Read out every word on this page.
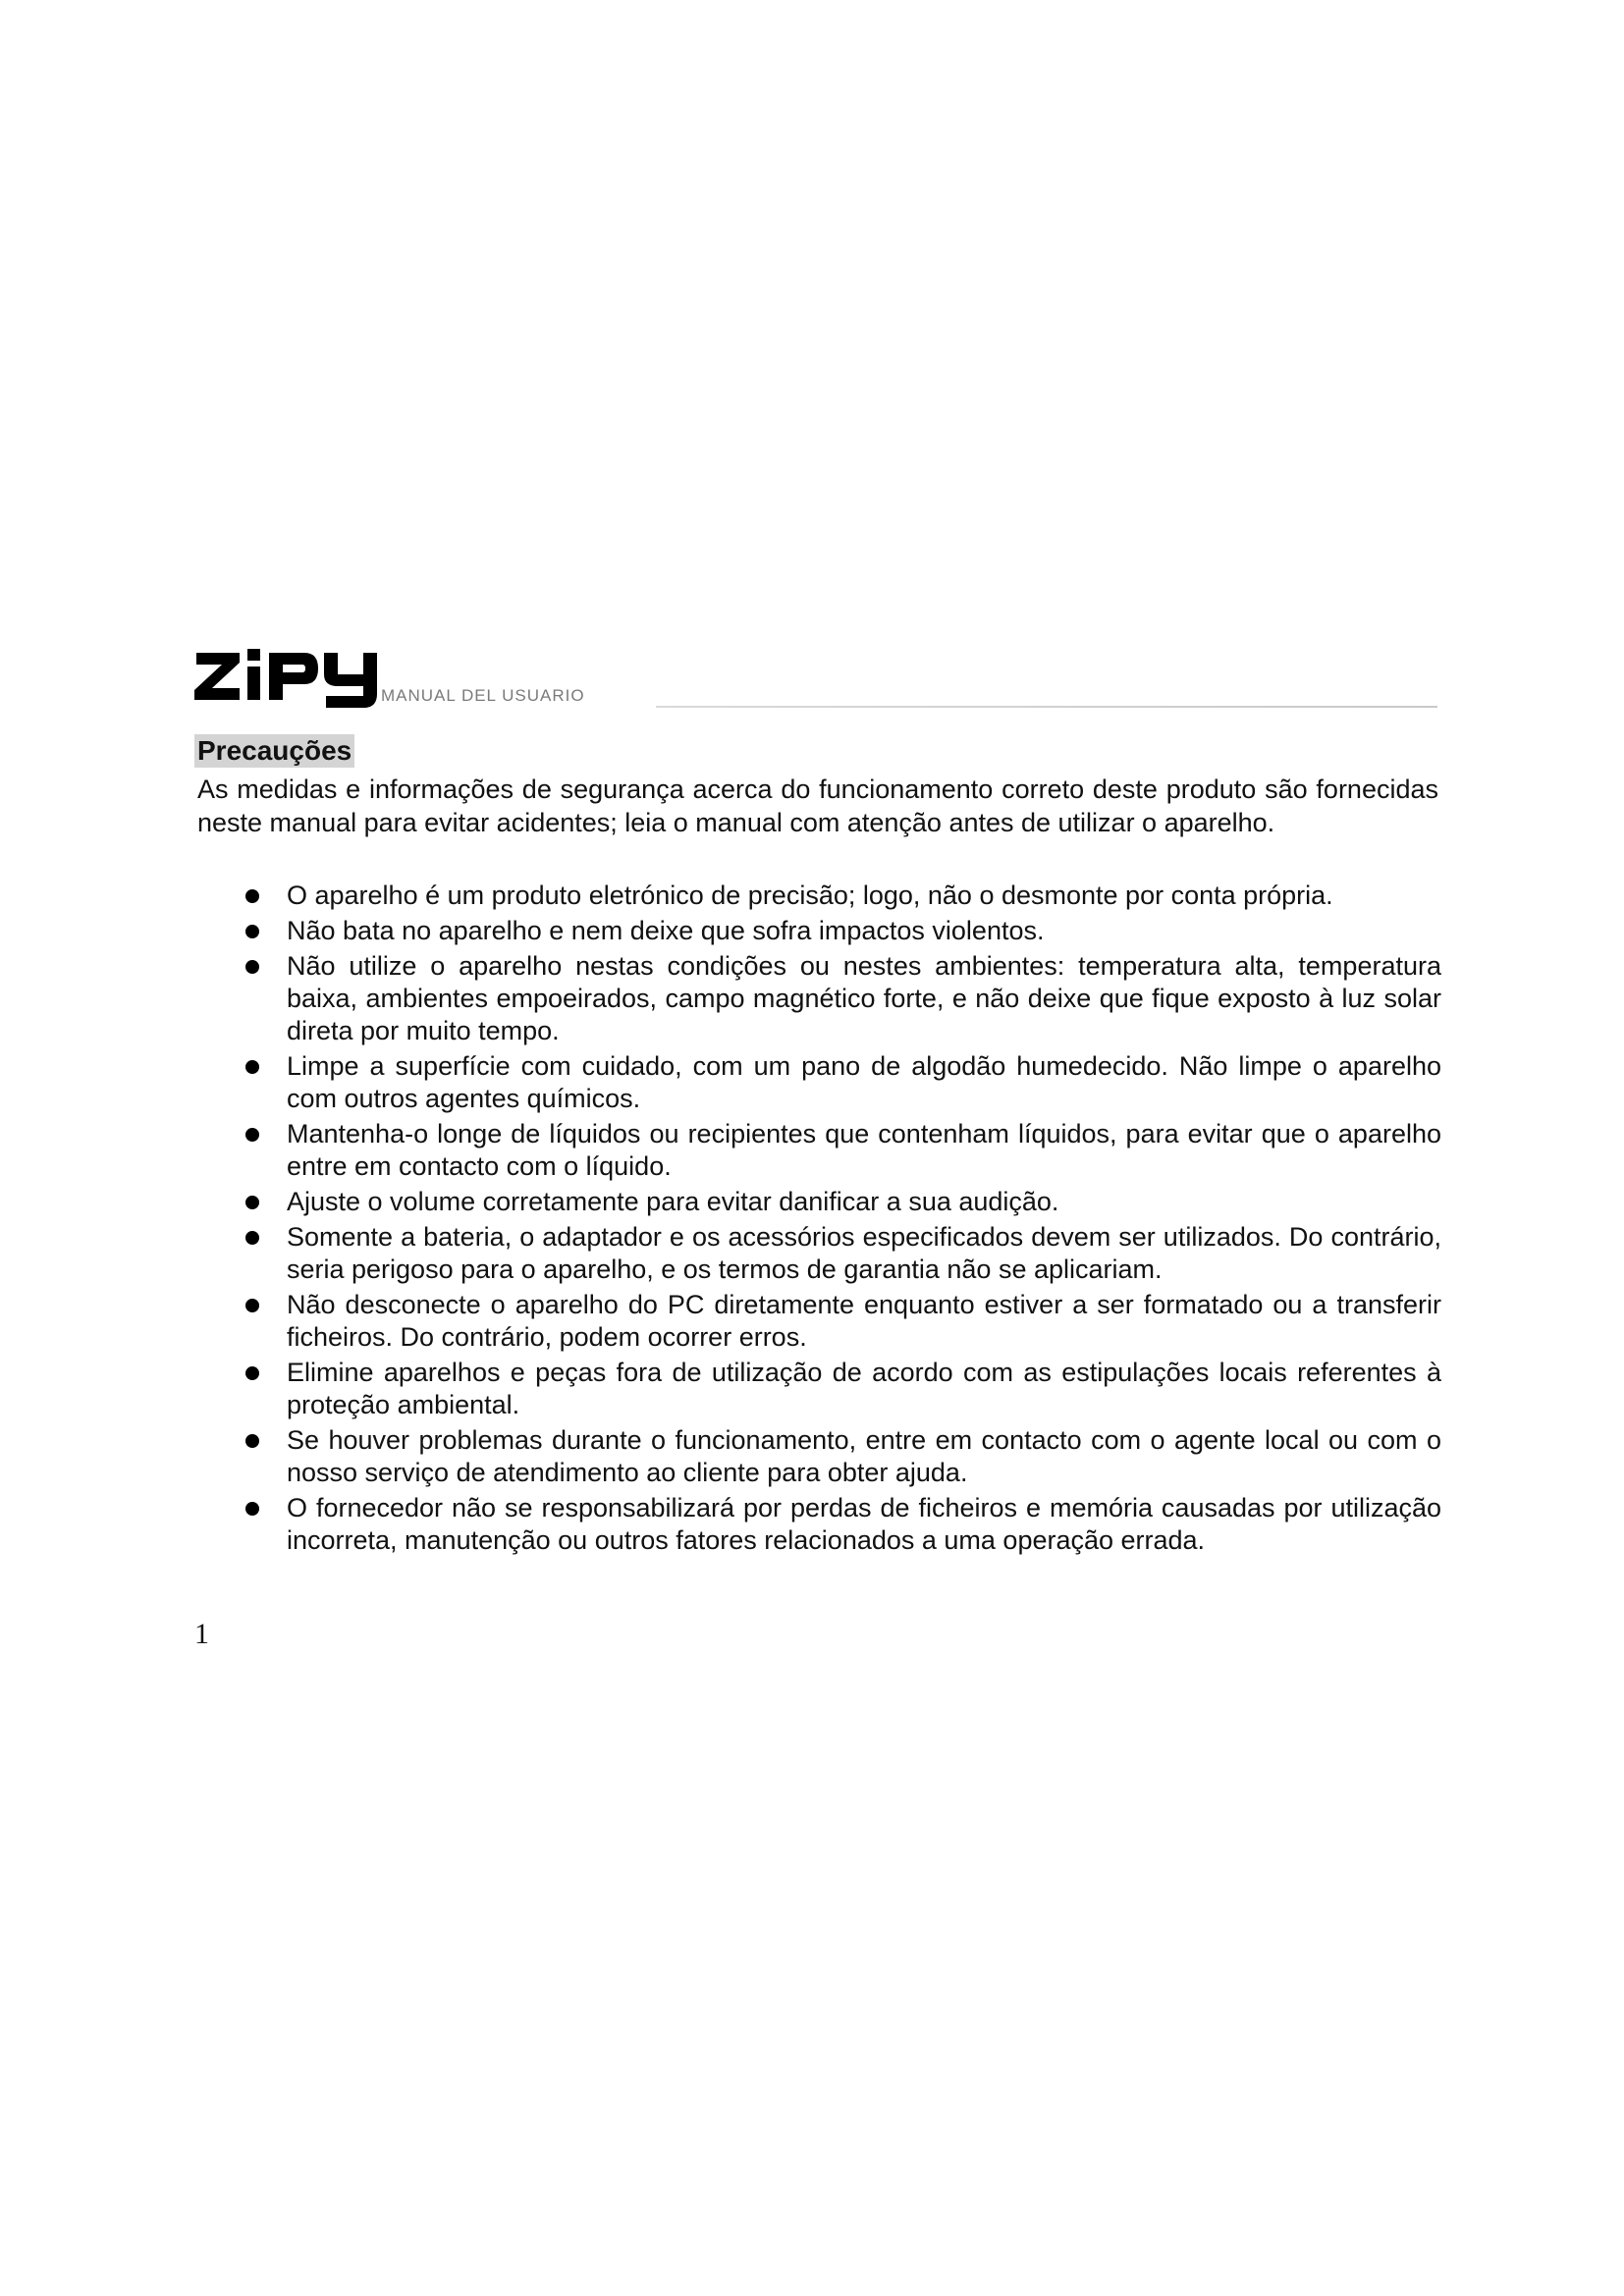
MANUAL DEL USUARIO
Precauções
As medidas e informações de segurança acerca do funcionamento correto deste produto são fornecidas neste manual para evitar acidentes; leia o manual com atenção antes de utilizar o aparelho.
O aparelho é um produto eletrónico de precisão; logo, não o desmonte por conta própria.
Não bata no aparelho e nem deixe que sofra impactos violentos.
Não utilize o aparelho nestas condições ou nestes ambientes: temperatura alta, temperatura baixa, ambientes empoeirados, campo magnético forte, e não deixe que fique exposto à luz solar direta por muito tempo.
Limpe a superfície com cuidado, com um pano de algodão humedecido. Não limpe o aparelho com outros agentes químicos.
Mantenha-o longe de líquidos ou recipientes que contenham líquidos, para evitar que o aparelho entre em contacto com o líquido.
Ajuste o volume corretamente para evitar danificar a sua audição.
Somente a bateria, o adaptador e os acessórios especificados devem ser utilizados. Do contrário, seria perigoso para o aparelho, e os termos de garantia não se aplicariam.
Não desconecte o aparelho do PC diretamente enquanto estiver a ser formatado ou a transferir ficheiros. Do contrário, podem ocorrer erros.
Elimine aparelhos e peças fora de utilização de acordo com as estipulações locais referentes à proteção ambiental.
Se houver problemas durante o funcionamento, entre em contacto com o agente local ou com o nosso serviço de atendimento ao cliente para obter ajuda.
O fornecedor não se responsabilizará por perdas de ficheiros e memória causadas por utilização incorreta, manutenção ou outros fatores relacionados a uma operação errada.
1
